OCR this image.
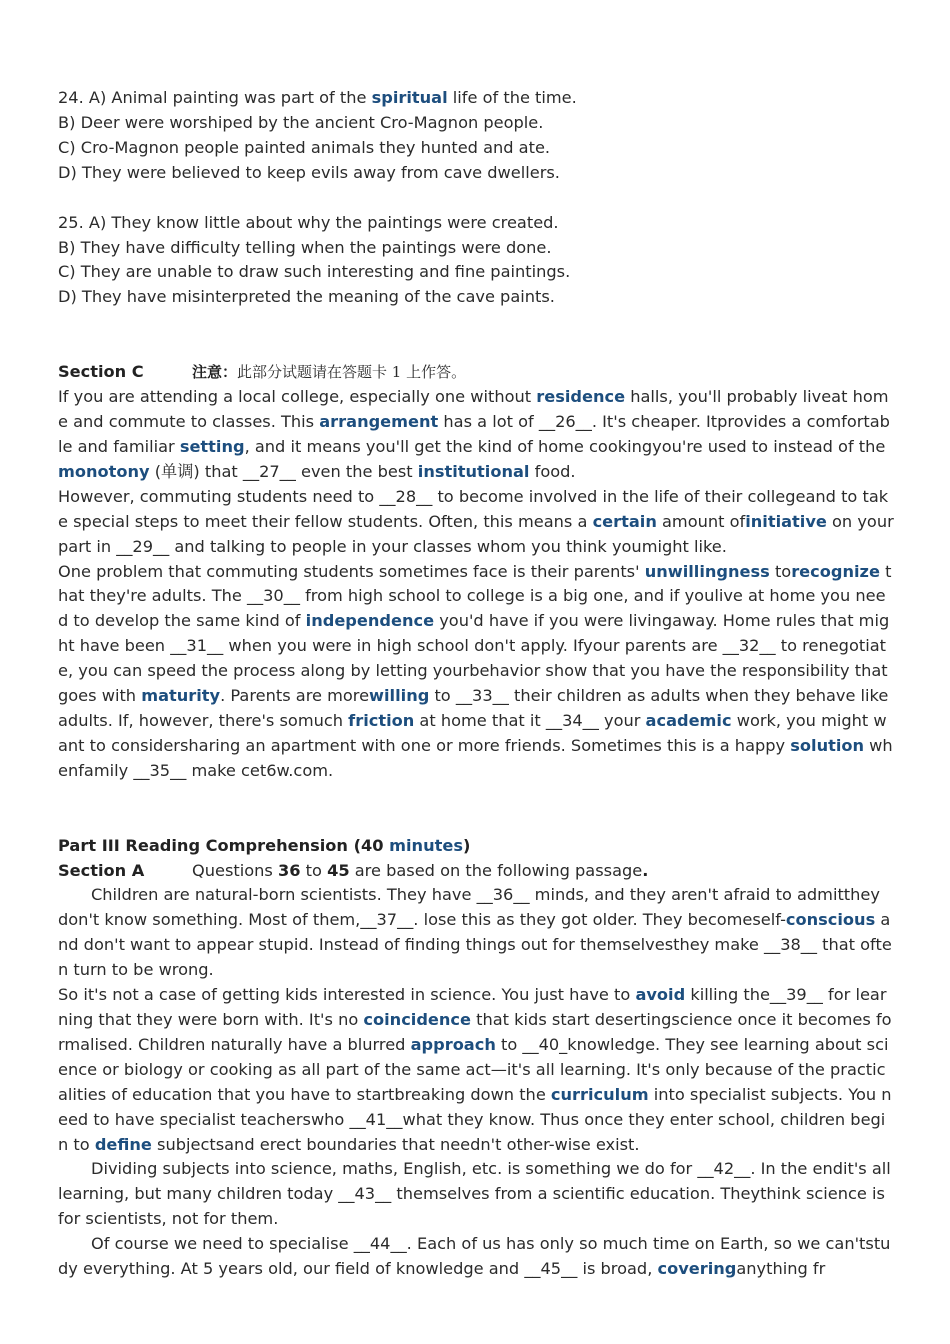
24. A) Animal painting was part of the spiritual life of the time.

B) Deer were worshiped by the ancient Cro-Magnon people.

C) Cro-Magnon people painted animals they hunted and ate.

D) They were believed to keep evils away from cave dwellers.

25. A) They know little about why the paintings were created.

B) They have difficulty telling when the paintings were done.

C) They are unable to draw such interesting and fine paintings.

D) They have misinterpreted the meaning of the cave paints.

Section C	注意：此部分试题请在答题卡 1 上作答。

If you are attending a local college, especially one without residence halls, you'll probably liveat home and commute to classes. This arrangement has a lot of __26__. It's cheaper. Itprovides a comfortable and familiar setting, and it means you'll get the kind of home cookingyou're used to instead of the monotony (单调) that __27__ even the best institutional food.

However, commuting students need to __28__ to become involved in the life of their collegeand to take special steps to meet their fellow students. Often, this means a certain amount ofinitiative on your part in __29__ and talking to people in your classes whom you think youmight like.

One problem that commuting students sometimes face is their parents' unwillingness torecognize that they're adults. The __30__ from high school to college is a big one, and if youlive at home you need to develop the same kind of independence you'd have if you were livingaway. Home rules that might have been __31__ when you were in high school don't apply. Ifyour parents are __32__ to renegotiate, you can speed the process along by letting yourbehavior show that you have the responsibility that goes with maturity. Parents are morewilling to __33__ their children as adults when they behave like adults. If, however, there's somuch friction at home that it __34__ your academic work, you might want to considersharing an apartment with one or more friends. Sometimes this is a happy solution whenfamily __35__ make cet6w.com.

Part III Reading Comprehension (40 minutes)

Section A	Questions 36 to 45 are based on the following passage.

Children are natural-born scientists. They have __36__ minds, and they aren't afraid to admitthey don't know something. Most of them,__37__. lose this as they got older. They becomeself-conscious and don't want to appear stupid. Instead of finding things out for themselvesthey make __38__ that often turn to be wrong.

So it's not a case of getting kids interested in science. You just have to avoid killing the__39__ for learning that they were born with. It's no coincidence that kids start desertingscience once it becomes formalised. Children naturally have a blurred approach to __40_knowledge. They see learning about science or biology or cooking as all part of the same act—it's all learning. It's only because of the practicalities of education that you have to startbreaking down the curriculum into specialist subjects. You need to have specialist teacherswho __41__what they know. Thus once they enter school, children begin to define subjectsand erect boundaries that needn't other-wise exist.

Dividing subjects into science, maths, English, etc. is something we do for __42__. In the endit's all learning, but many children today __43__ themselves from a scientific education. Theythink science is for scientists, not for them.

Of course we need to specialise __44__. Each of us has only so much time on Earth, so we can'tstudy everything. At 5 years old, our field of knowledge and __45__ is broad, coveringanything fr
